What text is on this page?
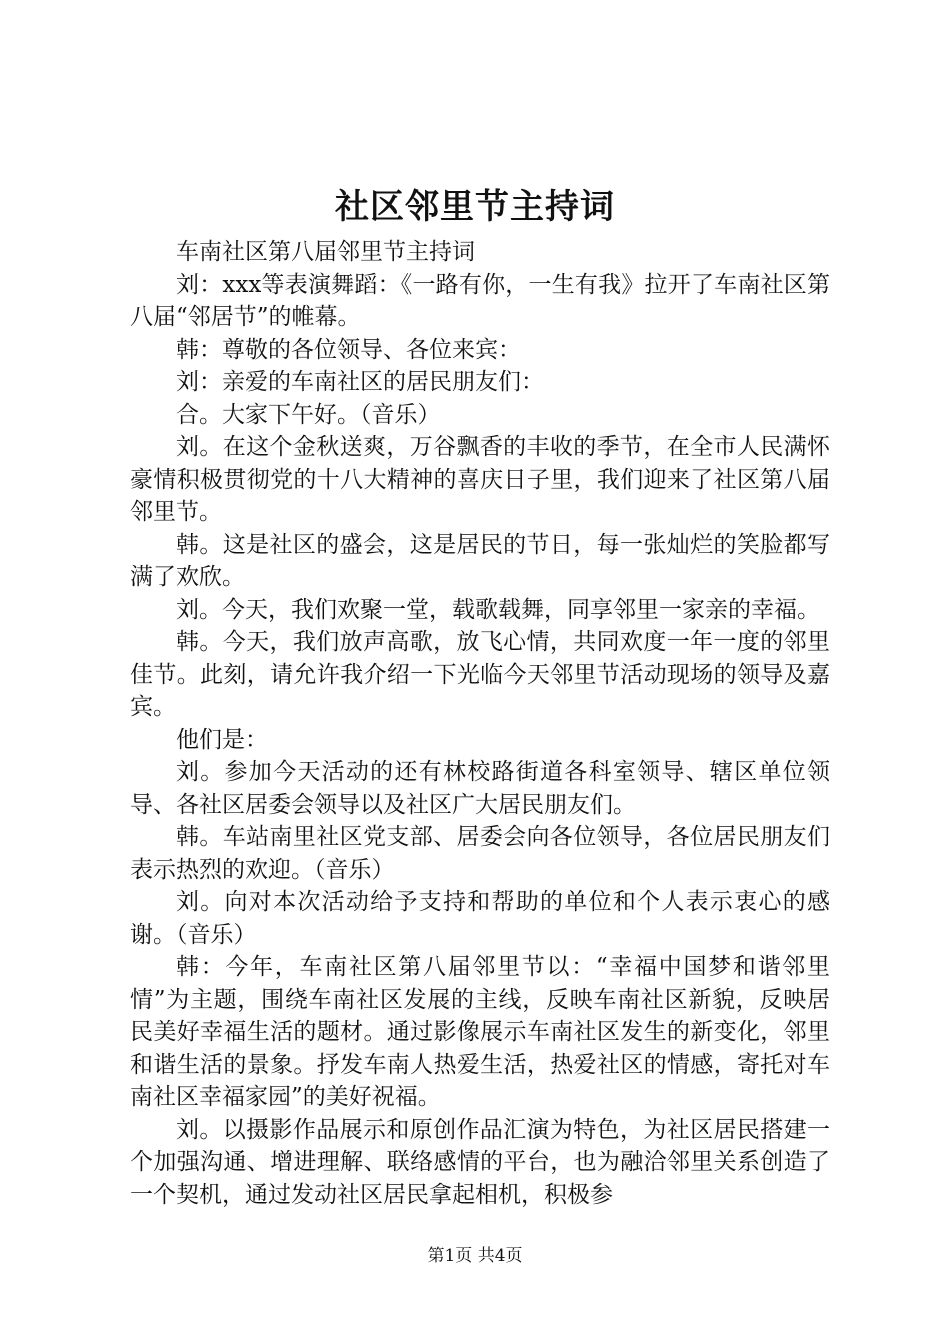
社区邻里节主持词

车南社区第八届邻里节主持词

刘：xxx等表演舞蹈：《一路有你，一生有我》拉开了车南社区第八届“邻居节”的帷幕。

韩：尊敬的各位领导、各位来宾：

刘：亲爱的车南社区的居民朋友们：

合。大家下午好。（音乐）

刘。在这个金秋送爽，万谷飘香的丰收的季节，在全市人民满怀豪情积极贯彻党的十八大精神的喜庆日子里，我们迎来了社区第八届邻里节。

韩。这是社区的盛会，这是居民的节日，每一张灿烂的笑脸都写满了欢欣。

刘。今天，我们欢聚一堂，载歌载舞，同享邻里一家亲的幸福。

韩。今天，我们放声高歌，放飞心情，共同欢度一年一度的邻里佳节。此刻，请允许我介绍一下光临今天邻里节活动现场的领导及嘉宾。

他们是：

刘。参加今天活动的还有林校路街道各科室领导、辖区单位领导、各社区居委会领导以及社区广大居民朋友们。

韩。车站南里社区党支部、居委会向各位领导，各位居民朋友们表示热烈的欢迎。（音乐）

刘。向对本次活动给予支持和帮助的单位和个人表示衷心的感谢。（音乐）

韩：今年，车南社区第八届邻里节以：“幸福中国梦和谐邻里情”为主题，围绕车南社区发展的主线，反映车南社区新貌，反映居民美好幸福生活的题材。通过影像展示车南社区发生的新变化，邻里和谐生活的景象。抒发车南人热爱生活，热爱社区的情感，寄托对车南社区幸福家园”的美好祝福。

刘。以摄影作品展示和原创作品汇演为特色，为社区居民搭建一个加强沟通、增进理解、联络感情的平台，也为融洽邻里关系创造了一个契机，通过发动社区居民拿起相机，积极参

第1页 共4页
